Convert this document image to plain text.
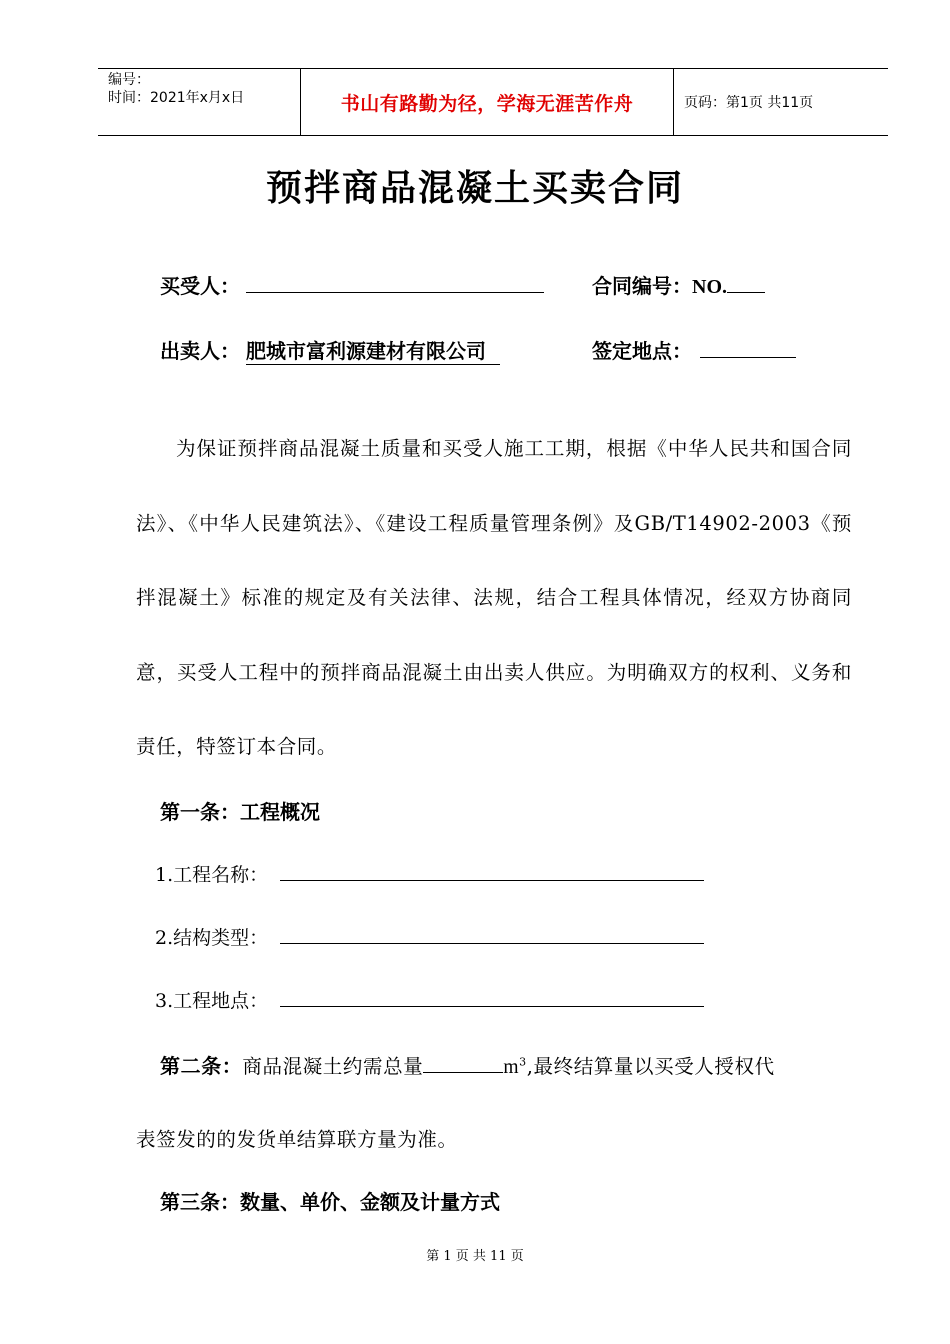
编号：
时间：2021年x月x日	书山有路勤为径，学海无涯苦作舟	页码：第1页 共11页
预拌商品混凝土买卖合同
买受人：	合同编号： NO.
出卖人： 肥城市富利源建材有限公司	签定地点：
为保证预拌商品混凝土质量和买受人施工工期，根据《中华人民共和国合同法》、《中华人民建筑法》、《建设工程质量管理条例》及GB/T14902-2003《预拌混凝土》标准的规定及有关法律、法规，结合工程具体情况，经双方协商同意，买受人工程中的预拌商品混凝土由出卖人供应。为明确双方的权利、义务和责任，特签订本合同。
第一条：工程概况
1.工程名称：
2.结构类型：
3.工程地点：
第二条：商品混凝土约需总量	$m^3$,最终结算量以买受人授权代
表签发的的发货单结算联方量为准。
第三条：数量、单价、金额及计量方式
第 1 页 共 11 页
